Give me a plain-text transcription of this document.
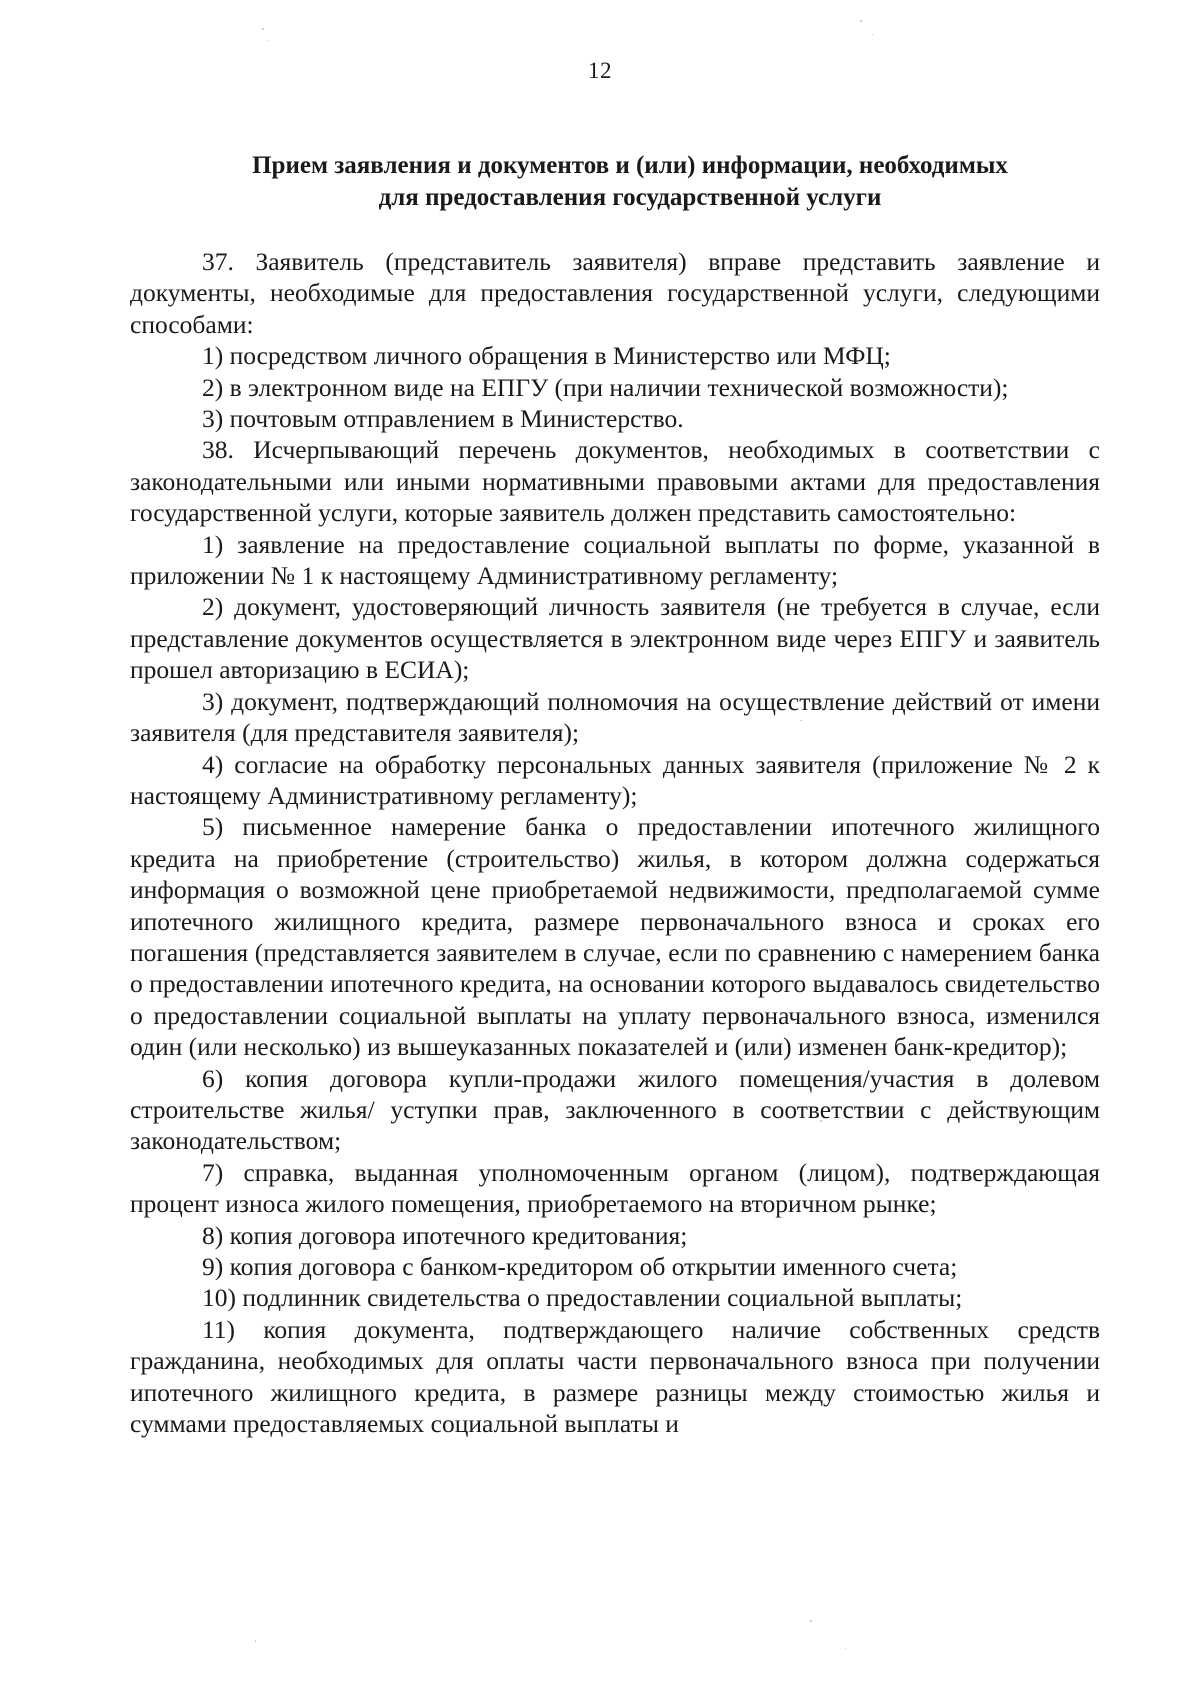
12
Прием заявления и документов и (или) информации, необходимых
для предоставления государственной услуги

37. Заявитель (представитель заявителя) вправе представить заявление и документы, необходимые для предоставления государственной услуги, следующими способами:

1) посредством личного обращения в Министерство или МФЦ;

2) в электронном виде на ЕПГУ (при наличии технической возможности);

3) почтовым отправлением в Министерство.

38. Исчерпывающий перечень документов, необходимых в соответствии с законодательными или иными нормативными правовыми актами для предоставления государственной услуги, которые заявитель должен представить самостоятельно:

1) заявление на предоставление социальной выплаты по форме, указанной в приложении № 1 к настоящему Административному регламенту;

2) документ, удостоверяющий личность заявителя (не требуется в случае, если представление документов осуществляется в электронном виде через ЕПГУ и заявитель прошел авторизацию в ЕСИА);

3) документ, подтверждающий полномочия на осуществление действий от имени заявителя (для представителя заявителя);

4) согласие на обработку персональных данных заявителя (приложение № 2 к настоящему Административному регламенту);

5) письменное намерение банка о предоставлении ипотечного жилищного кредита на приобретение (строительство) жилья, в котором должна содержаться информация о возможной цене приобретаемой недвижимости, предполагаемой сумме ипотечного жилищного кредита, размере первоначального взноса и сроках его погашения (представляется заявителем в случае, если по сравнению с намерением банка о предоставлении ипотечного кредита, на основании которого выдавалось свидетельство о предоставлении социальной выплаты на уплату первоначального взноса, изменился один (или несколько) из вышеуказанных показателей и (или) изменен банк-кредитор);

6) копия договора купли-продажи жилого помещения/участия в долевом строительстве жилья/ уступки прав, заключенного в соответствии с действующим законодательством;

7) справка, выданная уполномоченным органом (лицом), подтверждающая процент износа жилого помещения, приобретаемого на вторичном рынке;

8) копия договора ипотечного кредитования;

9) копия договора с банком-кредитором об открытии именного счета;

10) подлинник свидетельства о предоставлении социальной выплаты;

11) копия документа, подтверждающего наличие собственных средств гражданина, необходимых для оплаты части первоначального взноса при получении ипотечного жилищного кредита, в размере разницы между стоимостью жилья и суммами предоставляемых социальной выплаты и
